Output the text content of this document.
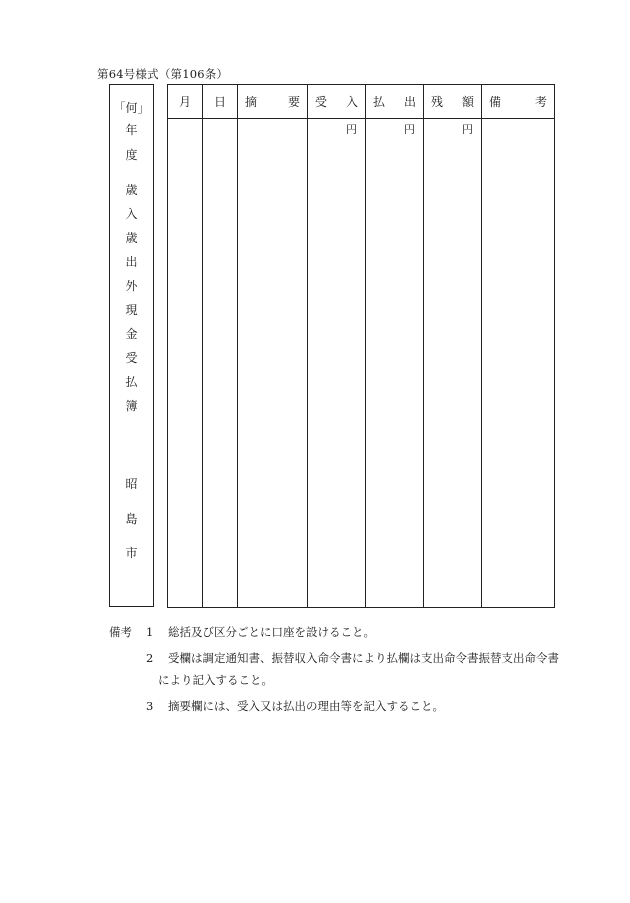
第64号様式（第106条）
「何」
年
度
歳
入
歳
出
外
現
金
受
払
簿
昭
島
市
月	日	摘 要	受 入	払 出	残 額	備 考

			円	円	円	

備考 1 総括及び区分ごとに口座を設けること。
2 受欄は調定通知書、振替収入命令書により払欄は支出命令書振替支出命令書
により記入すること。
3 摘要欄には、受入又は払出の理由等を記入すること。
